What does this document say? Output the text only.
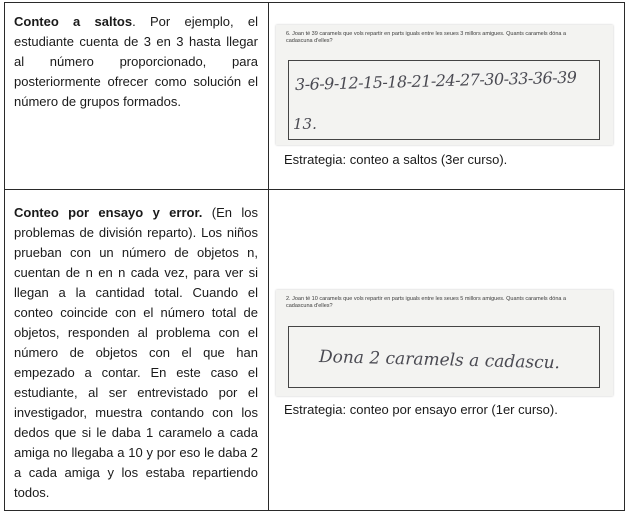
Conteo a saltos. Por ejemplo, el estudiante cuenta de 3 en 3 hasta llegar al número proporcionado, para posteriormente ofrecer como solución el número de grupos formados.
6. Joan té 39 caramels que vols repartir en parts iguals entre les seues 3 millors amigues. Quants caramels dóna a cadascuna d'elles?
3-6-9-12-15-18-21-24-27-30-33-36-39
13.
Estrategia: conteo a saltos (3er curso).
Conteo por ensayo y error. (En los problemas de división reparto). Los niños prueban con un número de objetos n, cuentan de n en n cada vez, para ver si llegan a la cantidad total. Cuando el conteo coincide con el número total de objetos, responden al problema con el número de objetos con el que han empezado a contar. En este caso el estudiante, al ser entrevistado por el investigador, muestra contando con los dedos que si le daba 1 caramelo a cada amiga no llegaba a 10 y por eso le daba 2 a cada amiga y los estaba repartiendo todos.
2. Joan té 10 caramels que vols repartir en parts iguals entre les seues 5 millors amigues. Quants caramels dóna a cadascuna d'elles?
Dona 2 caramels a cadascu.
Estrategia: conteo por ensayo error (1er curso).
